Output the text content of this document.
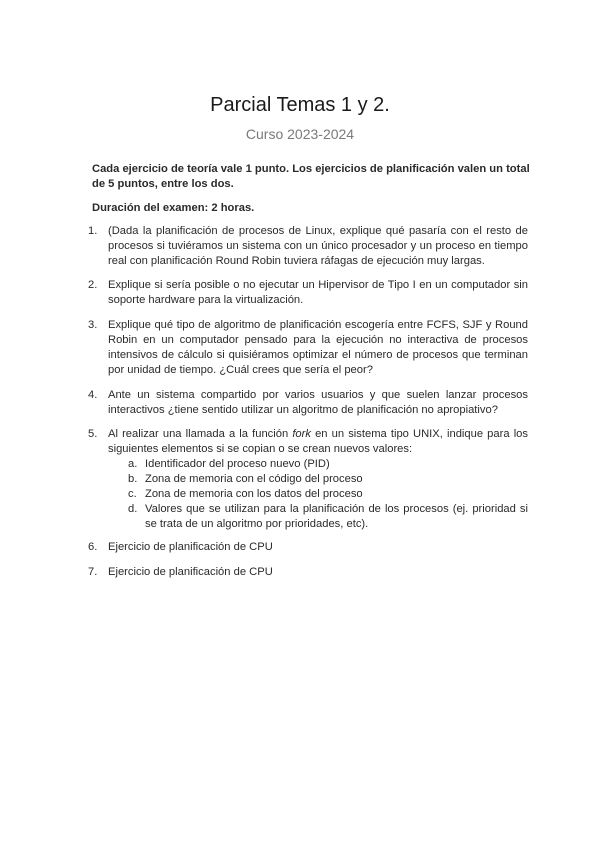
Parcial Temas 1 y 2.
Curso 2023-2024
Cada ejercicio de teoría vale 1 punto. Los ejercicios de planificación valen un total de 5 puntos, entre los dos.
Duración del examen: 2 horas.
1. (Dada la planificación de procesos de Linux, explique qué pasaría con el resto de procesos si tuviéramos un sistema con un único procesador y un proceso en tiempo real con planificación Round Robin tuviera ráfagas de ejecución muy largas.
2. Explique si sería posible o no ejecutar un Hipervisor de Tipo I en un computador sin soporte hardware para la virtualización.
3. Explique qué tipo de algoritmo de planificación escogería entre FCFS, SJF y Round Robin en un computador pensado para la ejecución no interactiva de procesos intensivos de cálculo si quisiéramos optimizar el número de procesos que terminan por unidad de tiempo. ¿Cuál crees que sería el peor?
4. Ante un sistema compartido por varios usuarios y que suelen lanzar procesos interactivos ¿tiene sentido utilizar un algoritmo de planificación no apropiativo?
5. Al realizar una llamada a la función fork en un sistema tipo UNIX, indique para los siguientes elementos si se copian o se crean nuevos valores:
a. Identificador del proceso nuevo (PID)
b. Zona de memoria con el código del proceso
c. Zona de memoria con los datos del proceso
d. Valores que se utilizan para la planificación de los procesos (ej. prioridad si se trata de un algoritmo por prioridades, etc).
6. Ejercicio de planificación de CPU
7. Ejercicio de planificación de CPU
